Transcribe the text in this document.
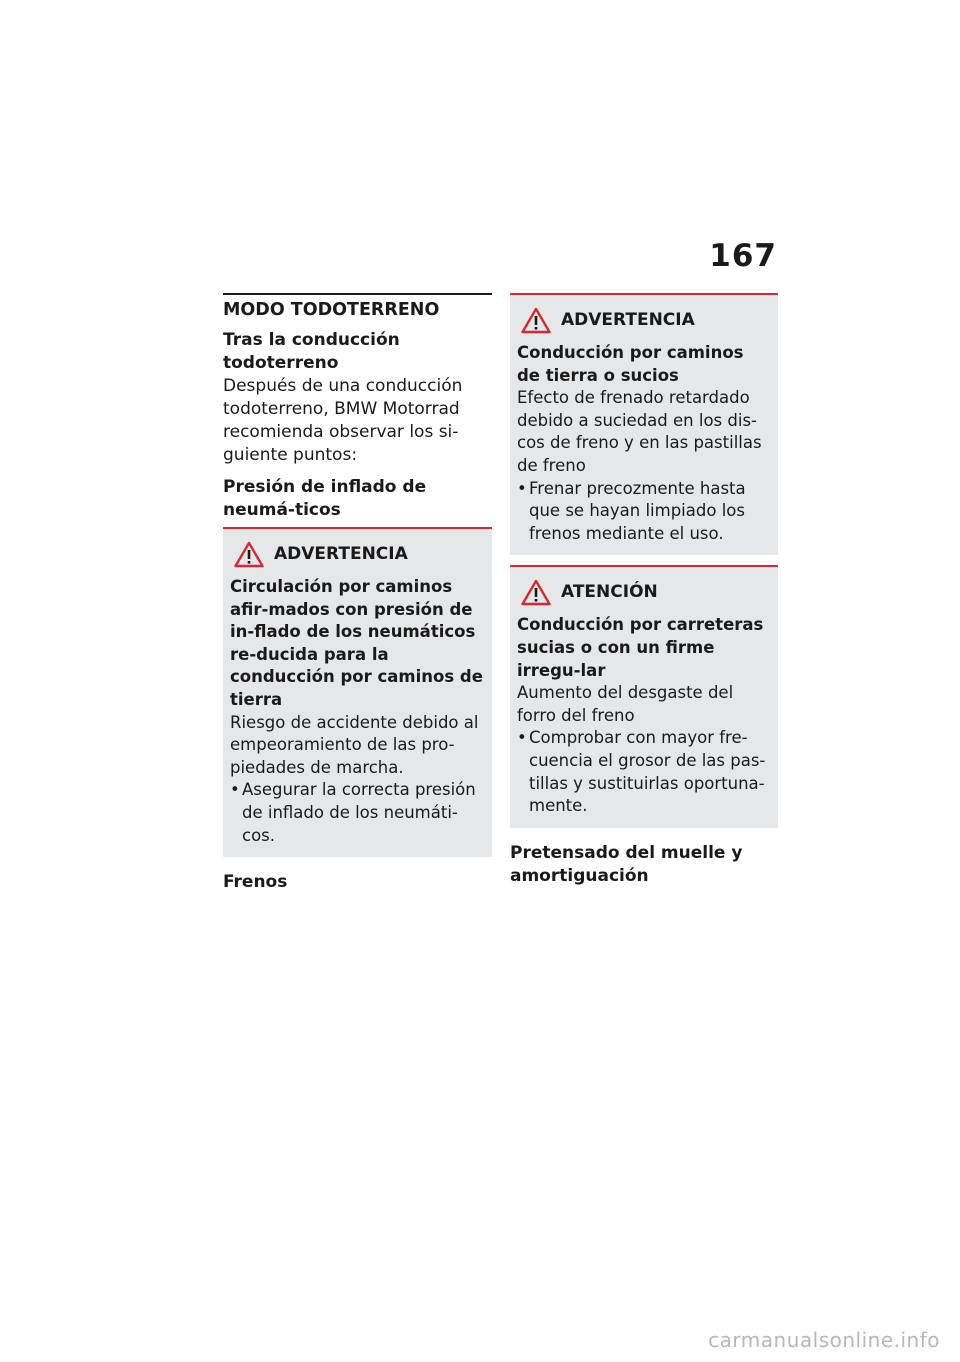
167
MODO TODOTERRENO

Tras la conducción todoterreno

Después de una conducción todoterreno, BMW Motorrad recomienda observar los si-guiente puntos:

Presión de inflado de neumá-ticos

ADVERTENCIA

Circulación por caminos afir-mados con presión de in-flado de los neumáticos re-ducida para la conducción por caminos de tierra

Riesgo de accidente debido al empeoramiento de las pro-piedades de marcha.

• Asegurar la correcta presión de inflado de los neumáti-cos.

Frenos

ADVERTENCIA

Conducción por caminos de tierra o sucios

Efecto de frenado retardado debido a suciedad en los dis-cos de freno y en las pastillas de freno

• Frenar precozmente hasta que se hayan limpiado los frenos mediante el uso.
ATENCIÓN

Conducción por carreteras sucias o con un firme irregu-lar

Aumento del desgaste del forro del freno

• Comprobar con mayor fre-cuencia el grosor de las pas-tillas y sustituirlas oportuna-mente.

Pretensado del muelle y amortiguación

carmanualsonline.info
